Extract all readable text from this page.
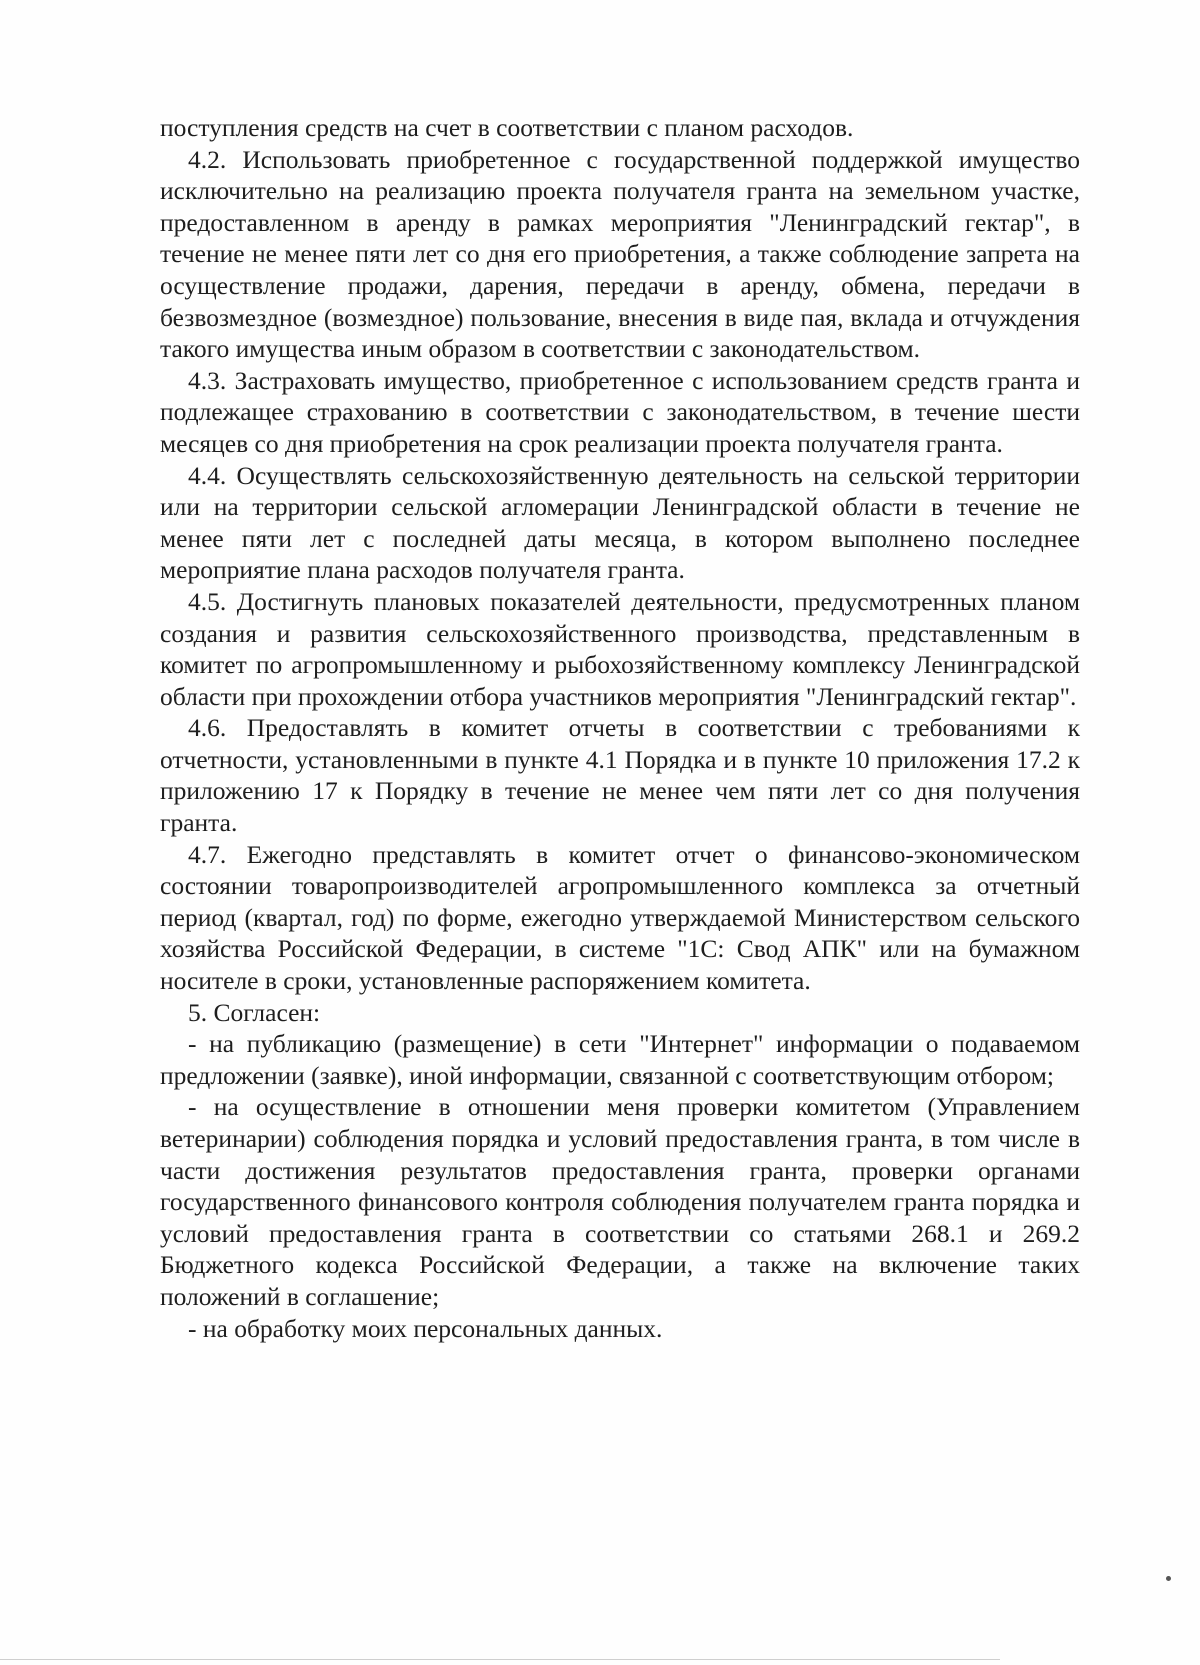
поступления средств на счет в соответствии с планом расходов.

4.2. Использовать приобретенное с государственной поддержкой имущество исключительно на реализацию проекта получателя гранта на земельном участке, предоставленном в аренду в рамках мероприятия "Ленинградский гектар", в течение не менее пяти лет со дня его приобретения, а также соблюдение запрета на осуществление продажи, дарения, передачи в аренду, обмена, передачи в безвозмездное (возмездное) пользование, внесения в виде пая, вклада и отчуждения такого имущества иным образом в соответствии с законодательством.

4.3. Застраховать имущество, приобретенное с использованием средств гранта и подлежащее страхованию в соответствии с законодательством, в течение шести месяцев со дня приобретения на срок реализации проекта получателя гранта.

4.4. Осуществлять сельскохозяйственную деятельность на сельской территории или на территории сельской агломерации Ленинградской области в течение не менее пяти лет с последней даты месяца, в котором выполнено последнее мероприятие плана расходов получателя гранта.

4.5. Достигнуть плановых показателей деятельности, предусмотренных планом создания и развития сельскохозяйственного производства, представленным в комитет по агропромышленному и рыбохозяйственному комплексу Ленинградской области при прохождении отбора участников мероприятия "Ленинградский гектар".

4.6. Предоставлять в комитет отчеты в соответствии с требованиями к отчетности, установленными в пункте 4.1 Порядка и в пункте 10 приложения 17.2 к приложению 17 к Порядку в течение не менее чем пяти лет со дня получения гранта.

4.7. Ежегодно представлять в комитет отчет о финансово-экономическом состоянии товаропроизводителей агропромышленного комплекса за отчетный период (квартал, год) по форме, ежегодно утверждаемой Министерством сельского хозяйства Российской Федерации, в системе "1С: Свод АПК" или на бумажном носителе в сроки, установленные распоряжением комитета.

5. Согласен:

- на публикацию (размещение) в сети "Интернет" информации о подаваемом предложении (заявке), иной информации, связанной с соответствующим отбором;

- на осуществление в отношении меня проверки комитетом (Управлением ветеринарии) соблюдения порядка и условий предоставления гранта, в том числе в части достижения результатов предоставления гранта, проверки органами государственного финансового контроля соблюдения получателем гранта порядка и условий предоставления гранта в соответствии со статьями 268.1 и 269.2 Бюджетного кодекса Российской Федерации, а также на включение таких положений в соглашение;

- на обработку моих персональных данных.
